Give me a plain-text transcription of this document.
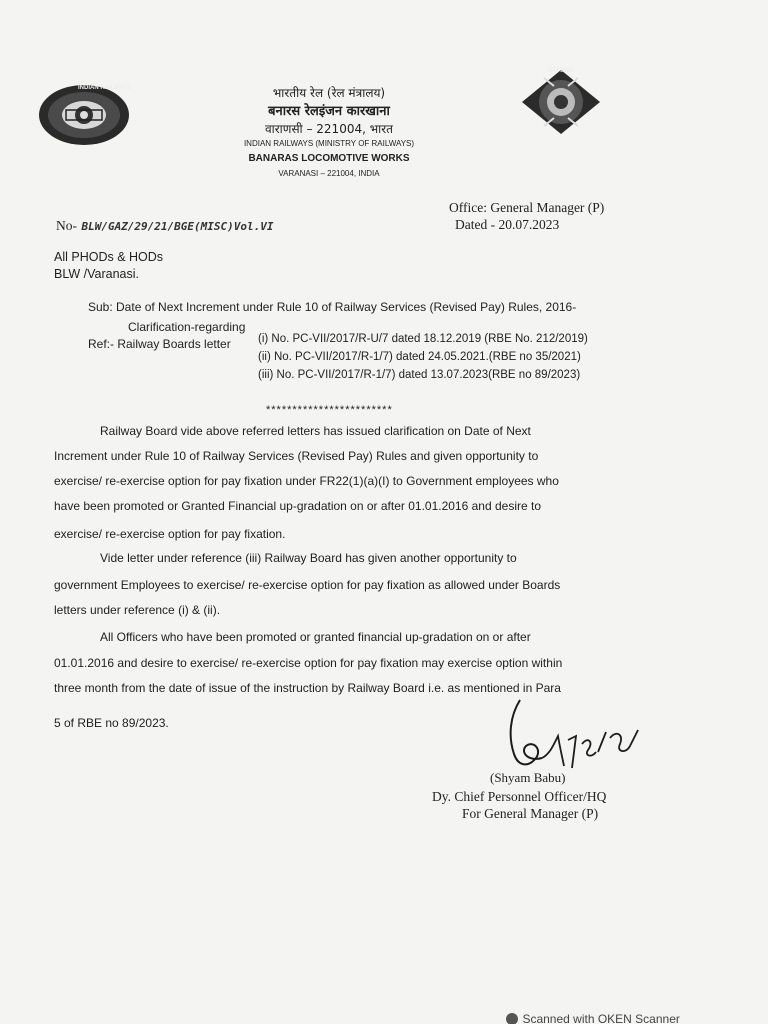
INDIAN RAILWAYS	भारतीय रेल (रेल मंत्रालय)
बनारस रेलइंजन कारखाना
वाराणसी – 221004, भारत
INDIAN RAILWAYS (MINISTRY OF RAILWAYS)
BANARAS LOCOMOTIVE WORKS
VARANASI – 221004, INDIA
ISO 9001
Office: General Manager (P)
Dated - 20.07.2023
No- BLW/GAZ/29/21/BGE(MISC)Vol.VI
All PHODs & HODs
BLW /Varanasi.
Sub: Date of Next Increment under Rule 10 of Railway Services (Revised Pay) Rules, 2016-
Clarification-regarding
Ref:- Railway Boards letter (i) No. PC-VII/2017/R-U/7 dated 18.12.2019 (RBE No. 212/2019)
(ii) No. PC-VII/2017/R-1/7) dated 24.05.2021.(RBE no 35/2021)
(iii) No. PC-VII/2017/R-1/7) dated 13.07.2023(RBE no 89/2023)
************************
Railway Board vide above referred letters has issued clarification on Date of Next
Increment under Rule 10 of Railway Services (Revised Pay) Rules and given opportunity to
exercise/ re-exercise option for pay fixation under FR22(1)(a)(I) to Government employees who
have been promoted or Granted Financial up-gradation on or after 01.01.2016 and desire to
exercise/ re-exercise option for pay fixation.
Vide letter under reference (iii) Railway Board has given another opportunity to
government Employees to exercise/ re-exercise option for pay fixation as allowed under Boards
letters under reference (i) & (ii).
All Officers who have been promoted or granted financial up-gradation on or after
01.01.2016 and desire to exercise/ re-exercise option for pay fixation may exercise option within
three month from the date of issue of the instruction by Railway Board i.e. as mentioned in Para
5 of RBE no 89/2023.
(Shyam Babu)
Dy. Chief Personnel Officer/HQ
For General Manager (P)
Scanned with OKEN Scanner
